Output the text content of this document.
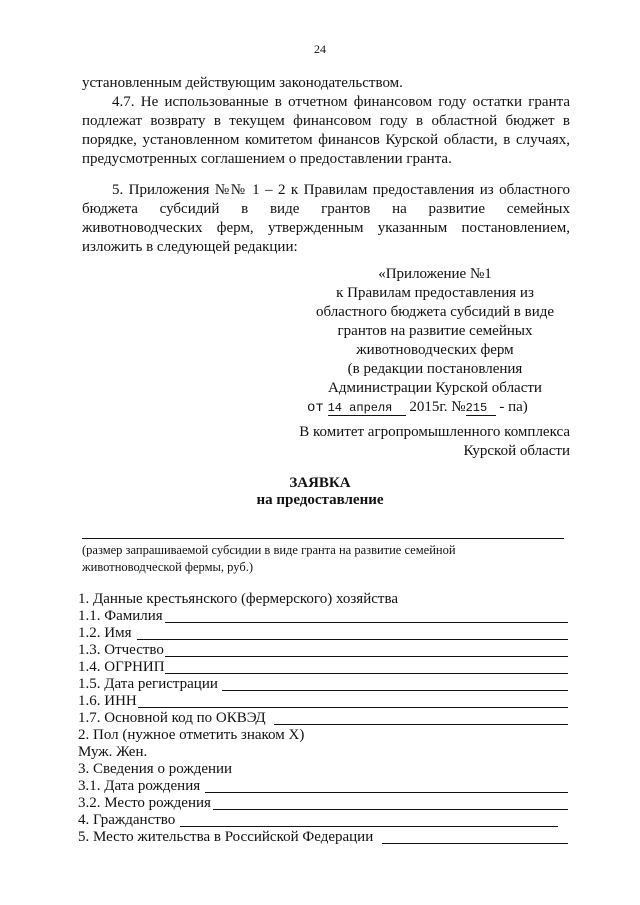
24
установленным действующим законодательством.
4.7. Не использованные в отчетном финансовом году остатки гранта
подлежат возврату в текущем финансовом году в областной бюджет в
порядке, установленном комитетом финансов Курской области, в случаях,
предусмотренных соглашением о предоставлении гранта.
5. Приложения №№ 1 – 2 к Правилам предоставления из областного
бюджета субсидий в виде грантов на развитие семейных
животноводческих ферм, утвержденным указанным постановлением,
изложить в следующей редакции:
«Приложение №1
к Правилам предоставления из
областного бюджета субсидий в виде
грантов на развитие семейных
животноводческих ферм
(в редакции постановления
Администрации Курской области
от 14 апреля 2015г. №215 - па)
В комитет агропромышленного комплекса
Курской области
ЗАЯВКА
на предоставление
(размер запрашиваемой субсидии в виде гранта на развитие семейной
животноводческой фермы, руб.)
1. Данные крестьянского (фермерского) хозяйства
1.1. Фамилия
1.2. Имя
1.3. Отчество
1.4. ОГРНИП
1.5. Дата регистрации
1.6. ИНН
1.7. Основной код по ОКВЭД
2. Пол (нужное отметить знаком Х)
Муж. Жен.
3. Сведения о рождении
3.1. Дата рождения
3.2. Место рождения
4. Гражданство
5. Место жительства в Российской Федерации
